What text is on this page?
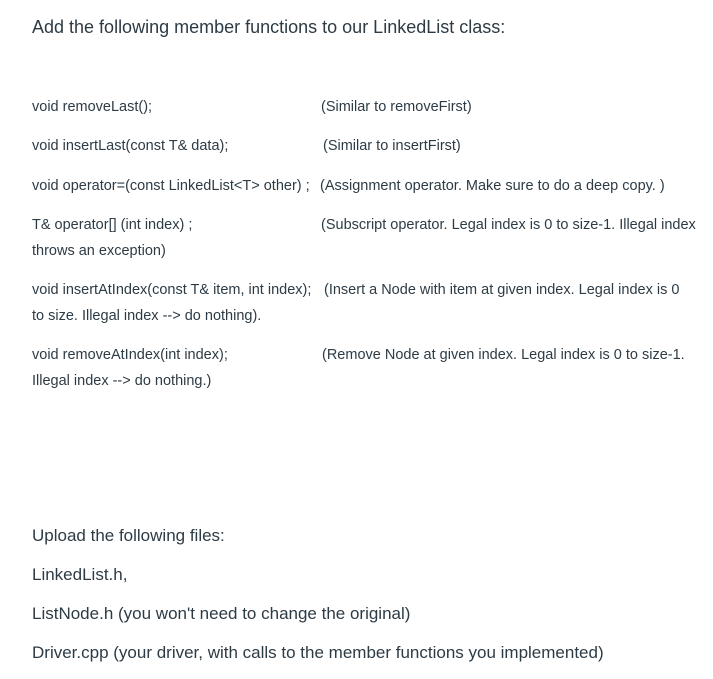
Add the following member functions to our LinkedList class:
void removeLast();	(Similar to removeFirst)
void insertLast(const T& data);	(Similar to insertFirst)
void operator=(const LinkedList<T> other) ; (Assignment operator. Make sure to do a deep copy. )
T& operator[] (int index) ;	(Subscript operator. Legal index is 0 to size-1. Illegal index
throws an exception)
void insertAtIndex(const T& item, int index); (Insert a Node with item at given index. Legal index is 0
to size. Illegal index --> do nothing).
void removeAtIndex(int index);	(Remove Node at given index. Legal index is 0 to size-1.
Illegal index --> do nothing.)
Upload the following files:
LinkedList.h,
ListNode.h (you won't need to change the original)
Driver.cpp (your driver, with calls to the member functions you implemented)
